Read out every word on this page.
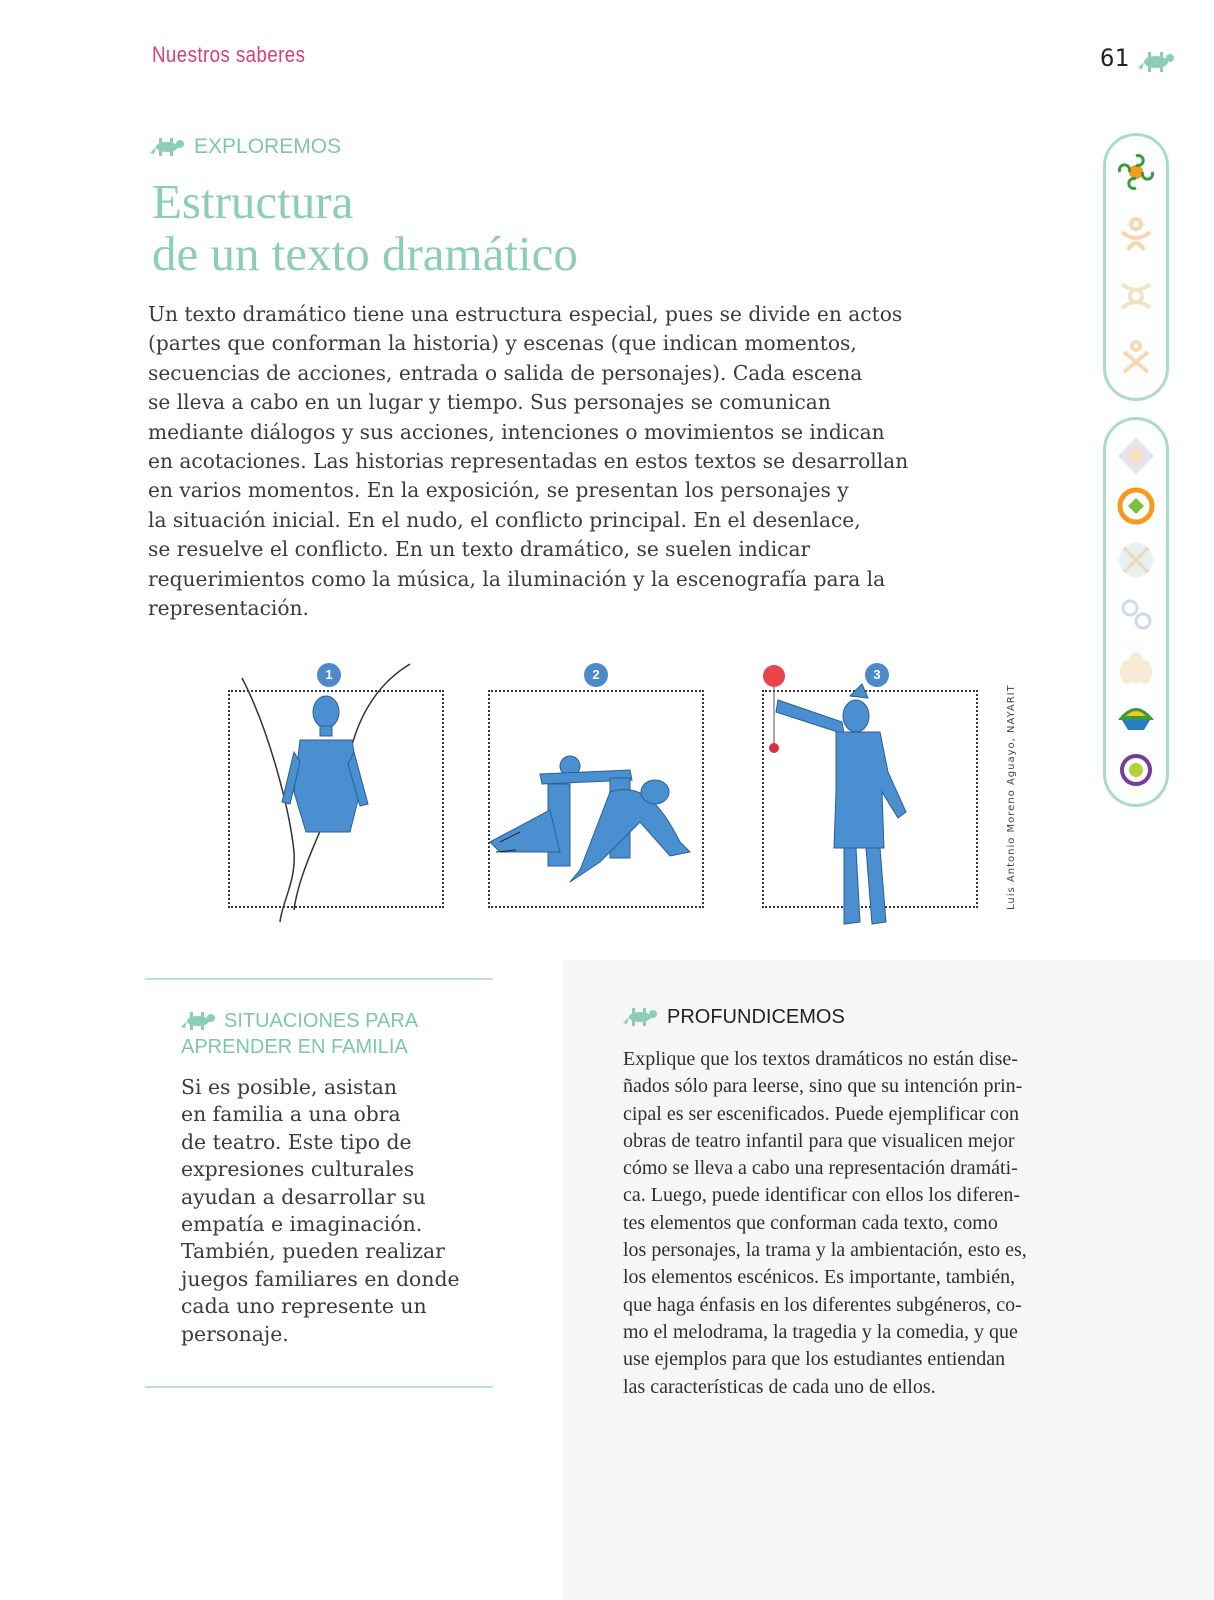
Nuestros saberes	61
EXPLOREMOS
Estructura
de un texto dramático
Un texto dramático tiene una estructura especial, pues se divide en actos
(partes que conforman la historia) y escenas (que indican momentos,
secuencias de acciones, entrada o salida de personajes). Cada escena
se lleva a cabo en un lugar y tiempo. Sus personajes se comunican
mediante diálogos y sus acciones, intenciones o movimientos se indican
en acotaciones. Las historias representadas en estos textos se desarrollan
en varios momentos. En la exposición, se presentan los personajes y
la situación inicial. En el nudo, el conflicto principal. En el desenlace,
se resuelve el conflicto. En un texto dramático, se suelen indicar
requerimientos como la música, la iluminación y la escenografía para la
representación.
1	2	3
Luis Antonio Moreno Aguayo, NAYARIT
SITUACIONES PARA APRENDER EN FAMILIA
Si es posible, asistan
en familia a una obra
de teatro. Este tipo de
expresiones culturales
ayudan a desarrollar su
empatía e imaginación.
También, pueden realizar
juegos familiares en donde
cada uno represente un
personaje.
PROFUNDICEMOS
Explique que los textos dramáticos no están dise-
ñados sólo para leerse, sino que su intención prin-
cipal es ser escenificados. Puede ejemplificar con
obras de teatro infantil para que visualicen mejor
cómo se lleva a cabo una representación dramáti-
ca. Luego, puede identificar con ellos los diferen-
tes elementos que conforman cada texto, como
los personajes, la trama y la ambientación, esto es,
los elementos escénicos. Es importante, también,
que haga énfasis en los diferentes subgéneros, co-
mo el melodrama, la tragedia y la comedia, y que
use ejemplos para que los estudiantes entiendan
las características de cada uno de ellos.
